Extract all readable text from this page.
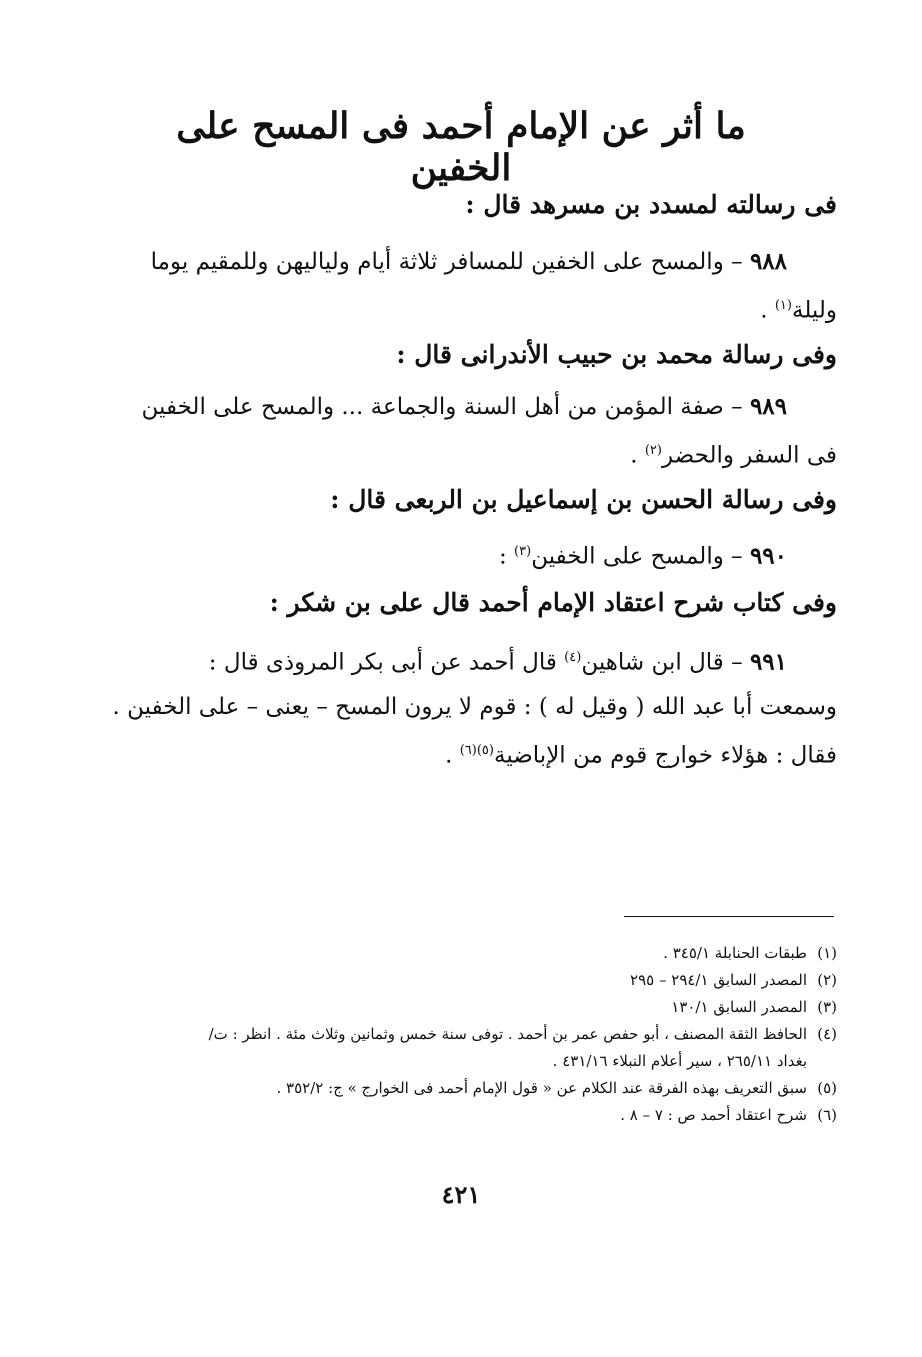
ما أثر عن الإمام أحمد فى المسح على الخفين
فى رسالته لمسدد بن مسرهد قال :

٩٨٨ – والمسح على الخفين للمسافر ثلاثة أيام ولياليهن وللمقيم يوما
وليلة$^{(١)}$ .

وفى رسالة محمد بن حبيب الأندرانى قال :

٩٨٩ – صفة المؤمن من أهل السنة والجماعة ... والمسح على الخفين
فى السفر والحضر$^{(٢)}$ .

وفى رسالة الحسن بن إسماعيل بن الربعى قال :

٩٩٠ – والمسح على الخفين$^{(٣)}$ :

وفى كتاب شرح اعتقاد الإمام أحمد قال على بن شكر :

٩٩١ – قال ابن شاهين$^{(٤)}$ قال أحمد عن أبى بكر المروذى قال :
وسمعت أبا عبد الله ( وقيل له ) : قوم لا يرون المسح – يعنى – على الخفين .
فقال : هؤلاء خوارج قوم من الإباضية$^{(٥)(٦)}$ .

(١)طبقات الحنابلة ٣٤٥/١ .
(٢)المصدر السابق ٢٩٤/١ – ٢٩٥
(٣)المصدر السابق ١٣٠/١
(٤)الحافظ الثقة المصنف ، أبو حفص عمر بن أحمد . توفى سنة خمس وثمانين وثلاث مئة . انظر : ت/
بغداد ٢٦٥/١١ ، سير أعلام النبلاء ٤٣١/١٦ .
(٥)سبق التعريف بهذه الفرقة عند الكلام عن « قول الإمام أحمد فى الخوارج » ج: ٣٥٢/٢ .
(٦)شرح اعتقاد أحمد ص : ٧ – ٨ .
٤٢١
